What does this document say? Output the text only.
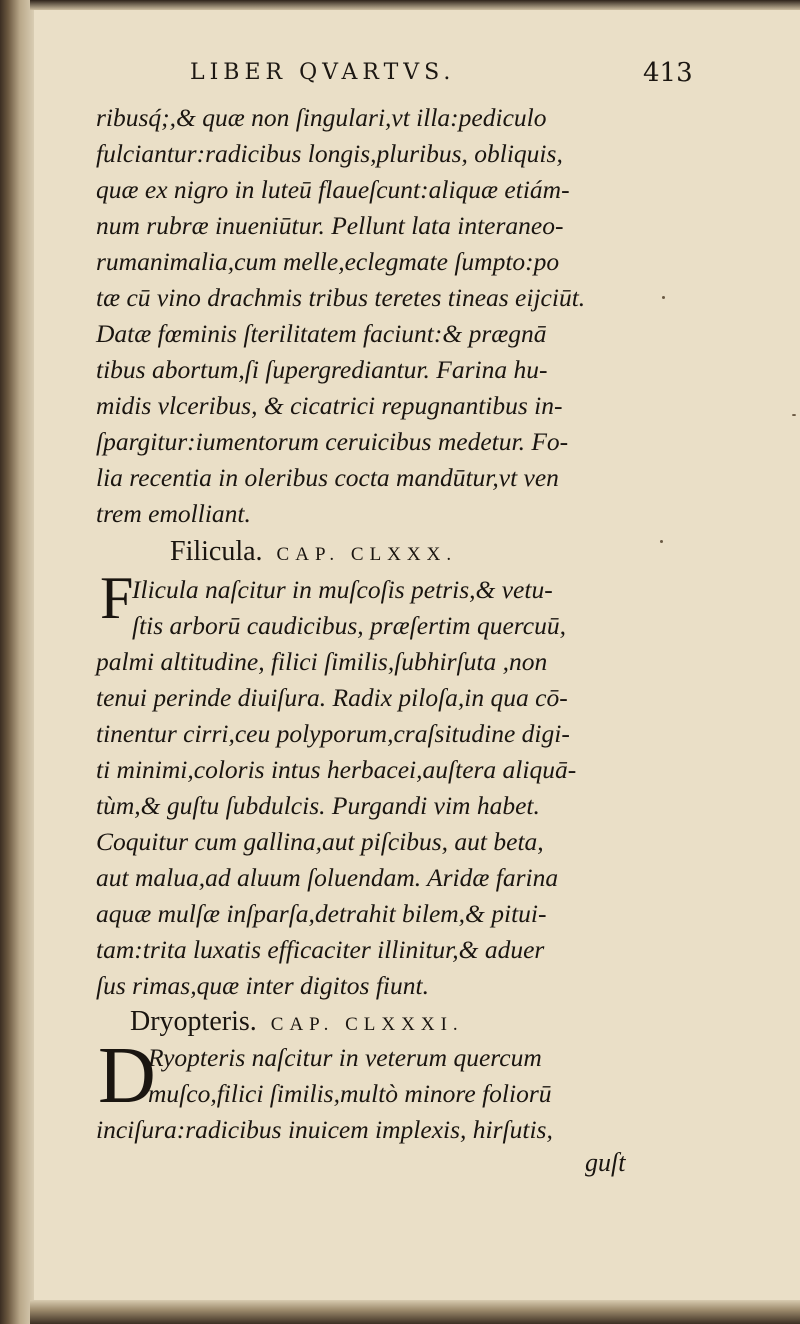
LIBER QVARTVS.	413
ribusq́;,& quæ non ſingulari,vt illa:pediculo
fulciantur:radicibus longis,pluribus, obliquis,
quæ ex nigro in luteū flaueſcunt:aliquæ etiám-
num rubræ inueniūtur. Pellunt lata interaneo-
rumanimalia,cum melle,eclegmate ſumpto:po
tæ cū vino drachmis tribus teretes tineas eijciūt.
Datæ fœminis ſterilitatem faciunt:& prægnā
tibus abortum,ſi ſupergrediantur. Farina hu-
midis vlceribus, & cicatrici repugnantibus in-
ſpargitur:iumentorum ceruicibus medetur. Fo-
lia recentia in oleribus cocta mandūtur,vt ven
trem emolliant.
Filicula. CAP. CLXXX.
F
Ilicula naſcitur in muſcoſis petris,& vetu-
ſtis arborū caudicibus, præſertim quercuū,
palmi altitudine, filici ſimilis,ſubhirſuta ,non
tenui perinde diuiſura. Radix piloſa,in qua cō-
tinentur cirri,ceu polyporum,craſsitudine digi-
ti minimi,coloris intus herbacei,auſtera aliquā-
tùm,& guſtu ſubdulcis. Purgandi vim habet.
Coquitur cum gallina,aut piſcibus, aut beta,
aut malua,ad aluum ſoluendam. Aridæ farina
aquæ mulſæ inſparſa,detrahit bilem,& pitui-
tam:trita luxatis efficaciter illinitur,& aduer
ſus rimas,quæ inter digitos fiunt.
Dryopteris. CAP. CLXXXI.
D
Ryopteris naſcitur in veterum quercum
muſco,filici ſimilis,multò minore foliorū
inciſura:radicibus inuicem implexis, hirſutis,
guſt
